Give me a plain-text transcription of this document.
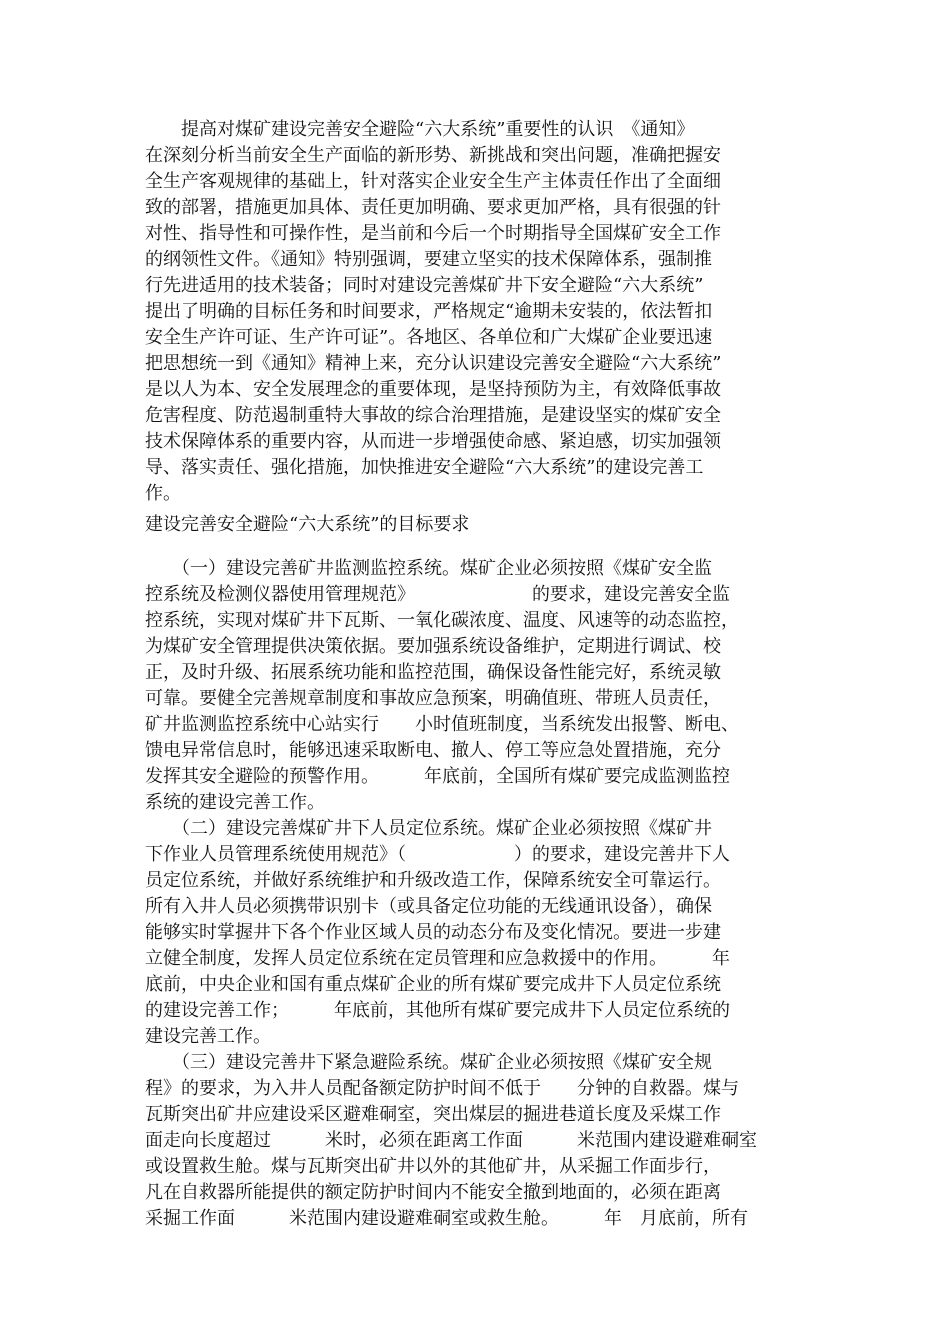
　　提高对煤矿建设完善安全避险“六大系统”重要性的认识　《通知》
在深刻分析当前安全生产面临的新形势、新挑战和突出问题，准确把握安
全生产客观规律的基础上，针对落实企业安全生产主体责任作出了全面细
致的部署，措施更加具体、责任更加明确、要求更加严格，具有很强的针
对性、指导性和可操作性，是当前和今后一个时期指导全国煤矿安全工作
的纲领性文件。《通知》特别强调，要建立坚实的技术保障体系，强制推
行先进适用的技术装备；同时对建设完善煤矿井下安全避险“六大系统”
提出了明确的目标任务和时间要求，严格规定“逾期未安装的，依法暂扣
安全生产许可证、生产许可证”。各地区、各单位和广大煤矿企业要迅速
把思想统一到《通知》精神上来，充分认识建设完善安全避险“六大系统”
是以人为本、安全发展理念的重要体现，是坚持预防为主，有效降低事故
危害程度、防范遏制重特大事故的综合治理措施，是建设坚实的煤矿安全
技术保障体系的重要内容，从而进一步增强使命感、紧迫感，切实加强领
导、落实责任、强化措施，加快推进安全避险“六大系统”的建设完善工
作。
建设完善安全避险“六大系统”的目标要求
　　（一）建设完善矿井监测监控系统。煤矿企业必须按照《煤矿安全监
控系统及检测仪器使用管理规范》　　　　　　　的要求，建设完善安全监
控系统，实现对煤矿井下瓦斯、一氧化碳浓度、温度、风速等的动态监控，
为煤矿安全管理提供决策依据。要加强系统设备维护，定期进行调试、校
正，及时升级、拓展系统功能和监控范围，确保设备性能完好，系统灵敏
可靠。要健全完善规章制度和事故应急预案，明确值班、带班人员责任，
矿井监测监控系统中心站实行　　小时值班制度，当系统发出报警、断电、
馈电异常信息时，能够迅速采取断电、撤人、停工等应急处置措施，充分
发挥其安全避险的预警作用。　　　年底前，全国所有煤矿要完成监测监控
系统的建设完善工作。
　　（二）建设完善煤矿井下人员定位系统。煤矿企业必须按照《煤矿井
下作业人员管理系统使用规范》（　　　　　　）的要求，建设完善井下人
员定位系统，并做好系统维护和升级改造工作，保障系统安全可靠运行。
所有入井人员必须携带识别卡（或具备定位功能的无线通讯设备），确保
能够实时掌握井下各个作业区域人员的动态分布及变化情况。要进一步建
立健全制度，发挥人员定位系统在定员管理和应急救援中的作用。　　　年
底前，中央企业和国有重点煤矿企业的所有煤矿要完成井下人员定位系统
的建设完善工作；　　　年底前，其他所有煤矿要完成井下人员定位系统的
建设完善工作。
　　（三）建设完善井下紧急避险系统。煤矿企业必须按照《煤矿安全规
程》的要求，为入井人员配备额定防护时间不低于　　分钟的自救器。煤与
瓦斯突出矿井应建设采区避难硐室，突出煤层的掘进巷道长度及采煤工作
面走向长度超过　　　米时，必须在距离工作面　　　米范围内建设避难硐室
或设置救生舱。煤与瓦斯突出矿井以外的其他矿井，从采掘工作面步行，
凡在自救器所能提供的额定防护时间内不能安全撤到地面的，必须在距离
采掘工作面　　　米范围内建设避难硐室或救生舱。　　　年　月底前，所有
